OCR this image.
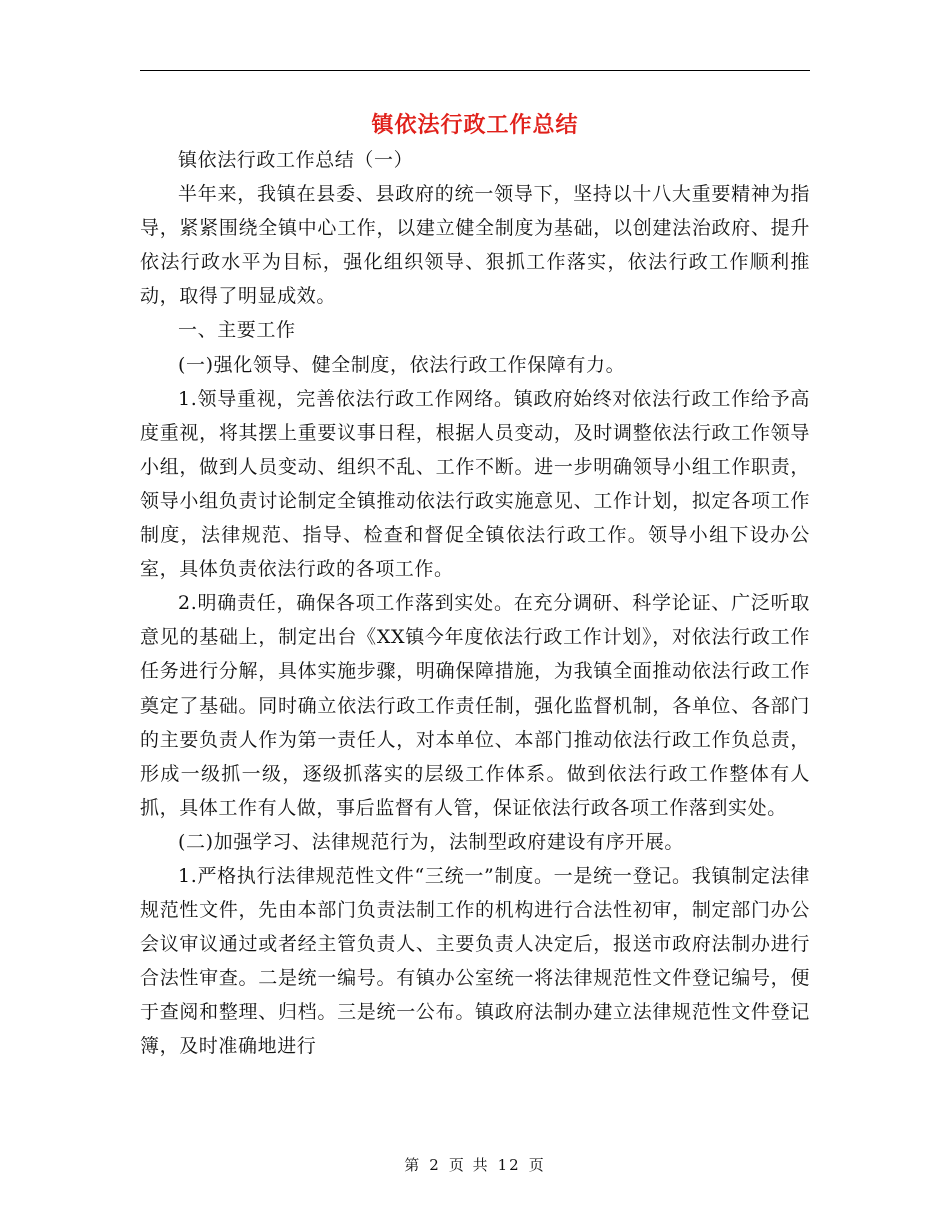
镇依法行政工作总结

镇依法行政工作总结（一）

半年来，我镇在县委、县政府的统一领导下，坚持以十八大重要精神为指导，紧紧围绕全镇中心工作，以建立健全制度为基础，以创建法治政府、提升依法行政水平为目标，强化组织领导、狠抓工作落实，依法行政工作顺利推动，取得了明显成效。

一、主要工作

(一)强化领导、健全制度，依法行政工作保障有力。

1.领导重视，完善依法行政工作网络。镇政府始终对依法行政工作给予高度重视，将其摆上重要议事日程，根据人员变动，及时调整依法行政工作领导小组，做到人员变动、组织不乱、工作不断。进一步明确领导小组工作职责，领导小组负责讨论制定全镇推动依法行政实施意见、工作计划，拟定各项工作制度，法律规范、指导、检查和督促全镇依法行政工作。领导小组下设办公室，具体负责依法行政的各项工作。

2.明确责任，确保各项工作落到实处。在充分调研、科学论证、广泛听取意见的基础上，制定出台《XX镇今年度依法行政工作计划》，对依法行政工作任务进行分解，具体实施步骤，明确保障措施，为我镇全面推动依法行政工作奠定了基础。同时确立依法行政工作责任制，强化监督机制，各单位、各部门的主要负责人作为第一责任人，对本单位、本部门推动依法行政工作负总责，形成一级抓一级，逐级抓落实的层级工作体系。做到依法行政工作整体有人抓，具体工作有人做，事后监督有人管，保证依法行政各项工作落到实处。

(二)加强学习、法律规范行为，法制型政府建设有序开展。

1.严格执行法律规范性文件“三统一”制度。一是统一登记。我镇制定法律规范性文件，先由本部门负责法制工作的机构进行合法性初审，制定部门办公会议审议通过或者经主管负责人、主要负责人决定后，报送市政府法制办进行合法性审查。二是统一编号。有镇办公室统一将法律规范性文件登记编号，便于查阅和整理、归档。三是统一公布。镇政府法制办建立法律规范性文件登记簿，及时准确地进行

第 2 页 共 12 页
